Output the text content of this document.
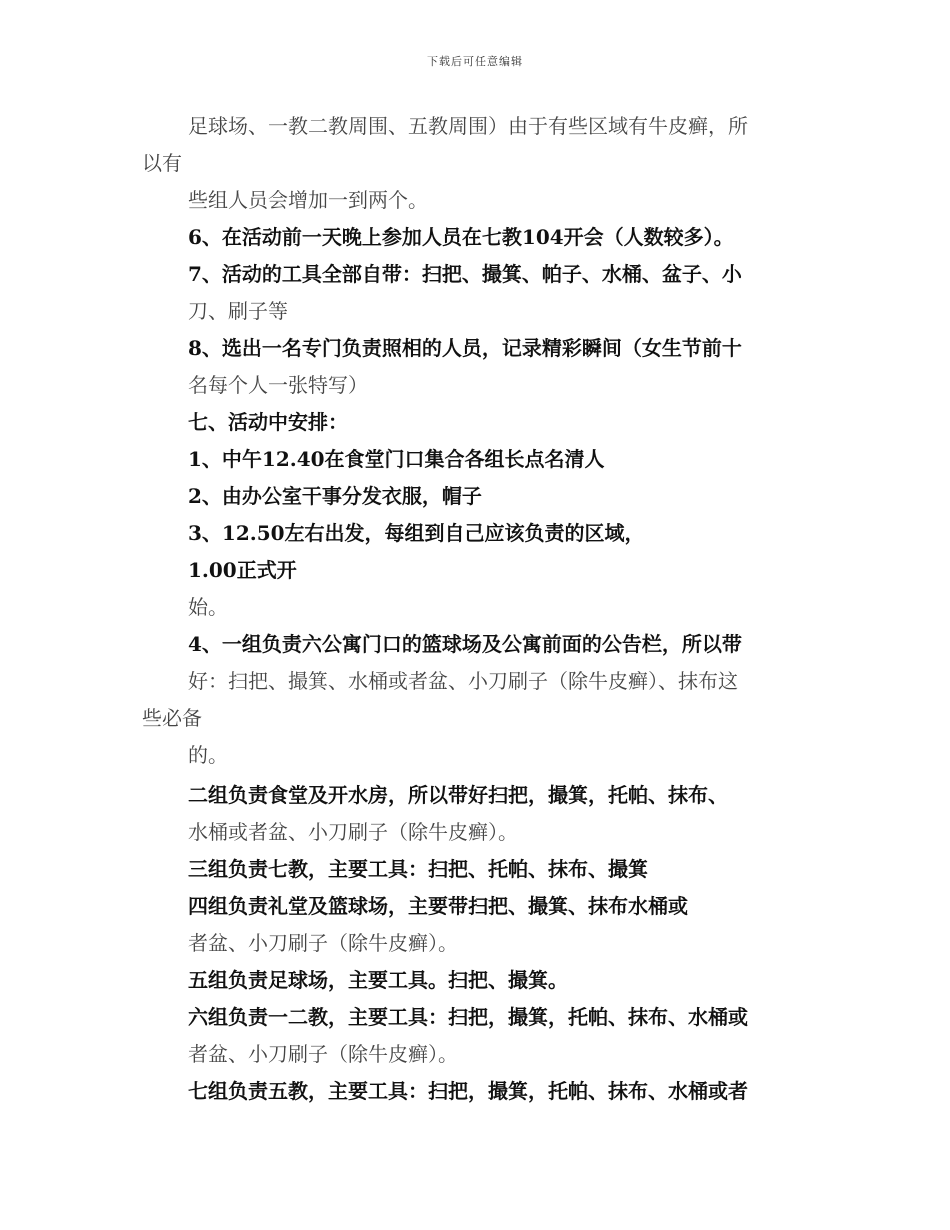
下载后可任意编辑
足球场、一教二教周围、五教周围）由于有些区域有牛皮癣，所
以有
些组人员会增加一到两个。
6、在活动前一天晚上参加人员在七教104开会（人数较多）。
7、活动的工具全部自带：扫把、撮箕、帕子、水桶、盆子、小
刀、刷子等
8、选出一名专门负责照相的人员，记录精彩瞬间（女生节前十
名每个人一张特写）
七、活动中安排：
1、中午12.40在食堂门口集合各组长点名清人
2、由办公室干事分发衣服，帽子
3、12.50左右出发，每组到自己应该负责的区域，
1.00正式开
始。
4、一组负责六公寓门口的篮球场及公寓前面的公告栏，所以带
好：扫把、撮箕、水桶或者盆、小刀刷子（除牛皮癣）、抹布这
些必备
的。
二组负责食堂及开水房，所以带好扫把，撮箕，托帕、抹布、
水桶或者盆、小刀刷子（除牛皮癣）。
三组负责七教，主要工具：扫把、托帕、抹布、撮箕
四组负责礼堂及篮球场，主要带扫把、撮箕、抹布水桶或
者盆、小刀刷子（除牛皮癣）。
五组负责足球场，主要工具。扫把、撮箕。
六组负责一二教，主要工具：扫把，撮箕，托帕、抹布、水桶或
者盆、小刀刷子（除牛皮癣）。
七组负责五教，主要工具：扫把，撮箕，托帕、抹布、水桶或者
